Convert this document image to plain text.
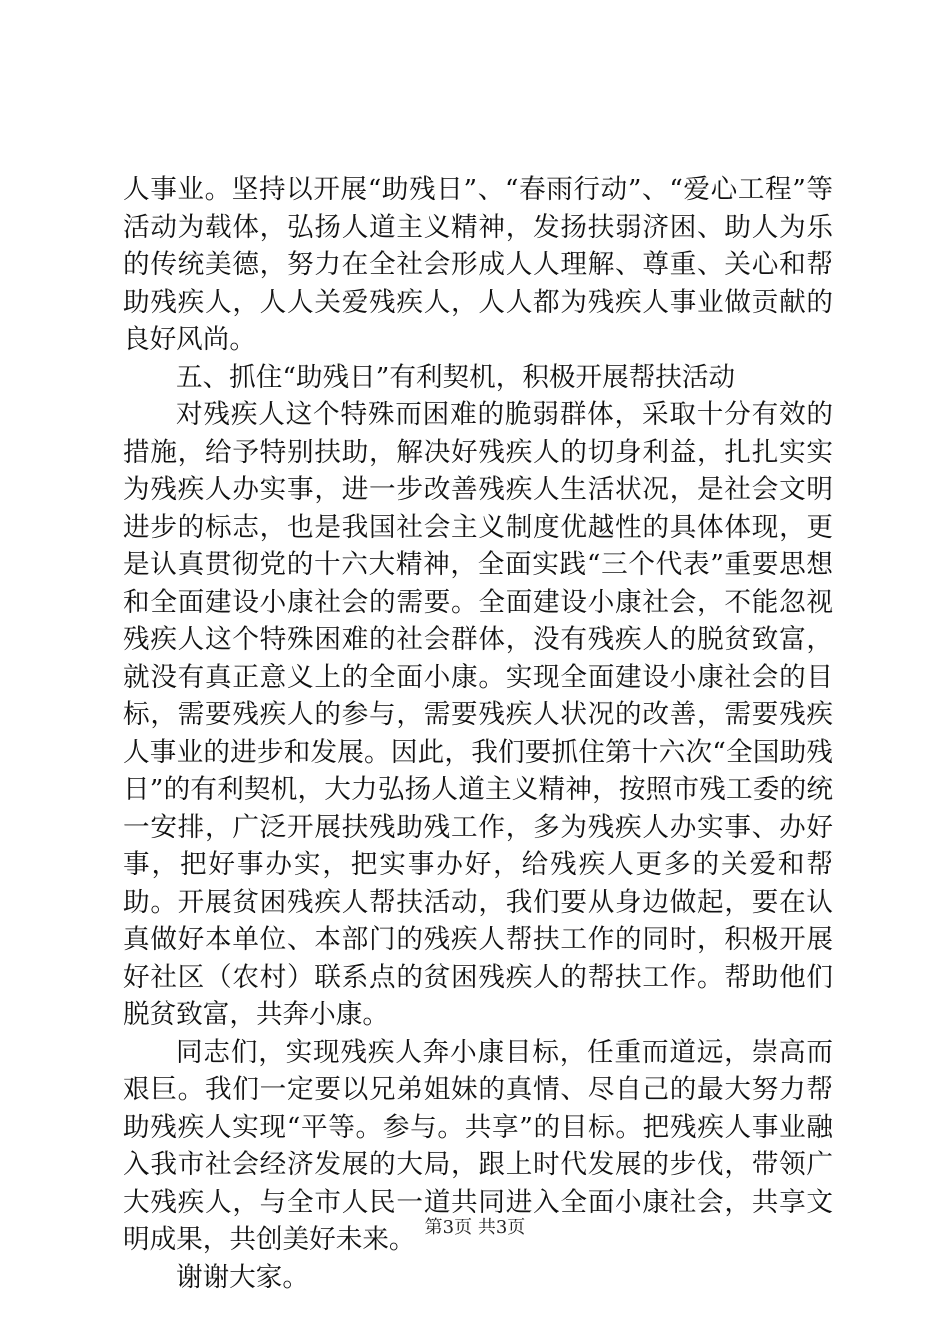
人事业。坚持以开展“助残日”、“春雨行动”、“爱心工程”等活动为载体，弘扬人道主义精神，发扬扶弱济困、助人为乐的传统美德，努力在全社会形成人人理解、尊重、关心和帮助残疾人，人人关爱残疾人，人人都为残疾人事业做贡献的良好风尚。

五、抓住“助残日”有利契机，积极开展帮扶活动

对残疾人这个特殊而困难的脆弱群体，采取十分有效的措施，给予特别扶助，解决好残疾人的切身利益，扎扎实实为残疾人办实事，进一步改善残疾人生活状况，是社会文明进步的标志，也是我国社会主义制度优越性的具体体现，更是认真贯彻党的十六大精神，全面实践“三个代表”重要思想和全面建设小康社会的需要。全面建设小康社会，不能忽视残疾人这个特殊困难的社会群体，没有残疾人的脱贫致富，就没有真正意义上的全面小康。实现全面建设小康社会的目标，需要残疾人的参与，需要残疾人状况的改善，需要残疾人事业的进步和发展。因此，我们要抓住第十六次“全国助残日”的有利契机，大力弘扬人道主义精神，按照市残工委的统一安排，广泛开展扶残助残工作，多为残疾人办实事、办好事，把好事办实，把实事办好，给残疾人更多的关爱和帮助。开展贫困残疾人帮扶活动，我们要从身边做起，要在认真做好本单位、本部门的残疾人帮扶工作的同时，积极开展好社区（农村）联系点的贫困残疾人的帮扶工作。帮助他们脱贫致富，共奔小康。

同志们，实现残疾人奔小康目标，任重而道远，崇高而艰巨。我们一定要以兄弟姐妹的真情、尽自己的最大努力帮助残疾人实现“平等。参与。共享”的目标。把残疾人事业融入我市社会经济发展的大局，跟上时代发展的步伐，带领广大残疾人，与全市人民一道共同进入全面小康社会，共享文明成果，共创美好未来。

谢谢大家。

第3页 共3页
